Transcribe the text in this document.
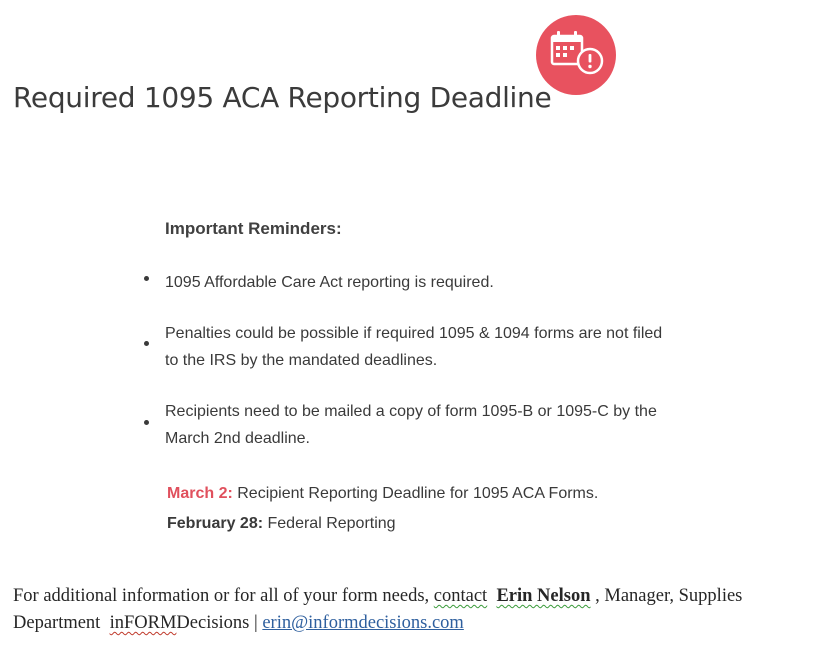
Required 1095 ACA Reporting Deadline
Important Reminders:
1095 Affordable Care Act reporting is required.
Penalties could be possible if required 1095 & 1094 forms are not filed
to the IRS by the mandated deadlines.
Recipients need to be mailed a copy of form 1095-B or 1095-C by the
March 2nd deadline.
March 2: Recipient Reporting Deadline for 1095 ACA Forms.
February 28: Federal Reporting
For additional information or for all of your form needs, contact Erin Nelson , Manager, Supplies
Department inFORMDecisions | erin@informdecisions.com
